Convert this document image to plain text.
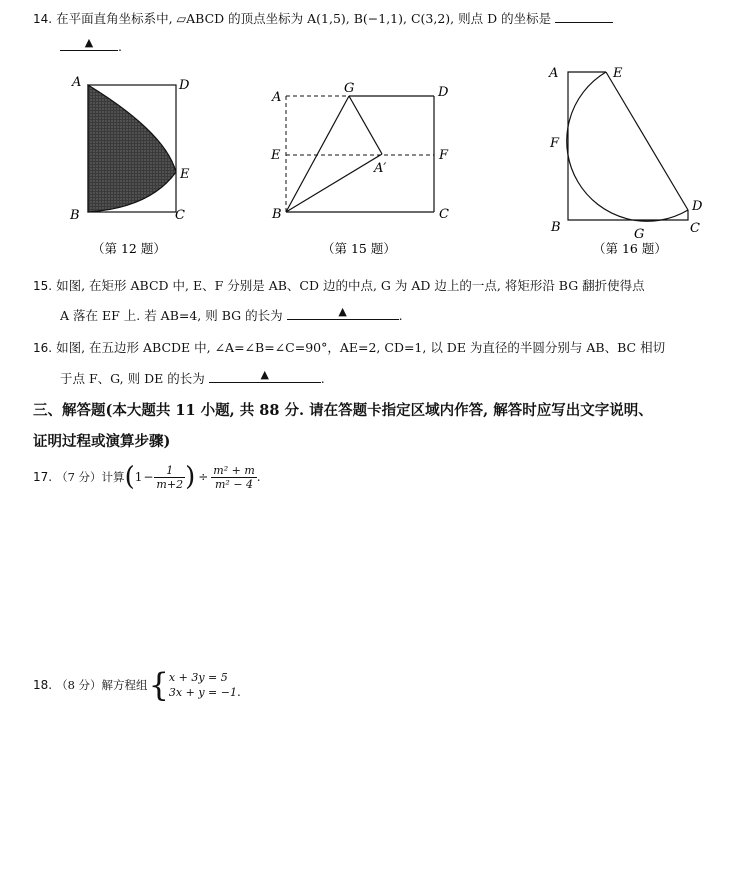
14. 在平面直角坐标系中, ▱ABCD 的顶点坐标为 A(1,5), B(−1,1), C(3,2), 则点 D 的坐标是
▲ .
A	D
E
B	C
A
G	D
E	F
A′
B	C
A	E
F
D
B	G	C
（第 12 题）	（第 15 题）	（第 16 题）
15. 如图, 在矩形 ABCD 中, E、F 分别是 AB、CD 边的中点, G 为 AD 边上的一点, 将矩形沿 BG 翻折使得点
A 落在 EF 上. 若 AB=4, 则 BG 的长为	▲	.
16. 如图, 在五边形 ABCDE 中, ∠A=∠B=∠C=90°，AE=2, CD=1, 以 DE 为直径的半圆分别与 AB、BC 相切
于点 F、G, 则 DE 的长为	▲	.
三、解答题(本大题共 11 小题, 共 88 分. 请在答题卡指定区域内作答, 解答时应写出文字说明、
证明过程或演算步骤)
17.
（7 分）计算 ( $1 - \frac{1}{m+2}$ ) ÷ $\frac{\text{m² + m}}{\text{m² − 4}}$ .
18.
（8 分）解方程组 { x + 3y = 5
3x + y = −1 .
